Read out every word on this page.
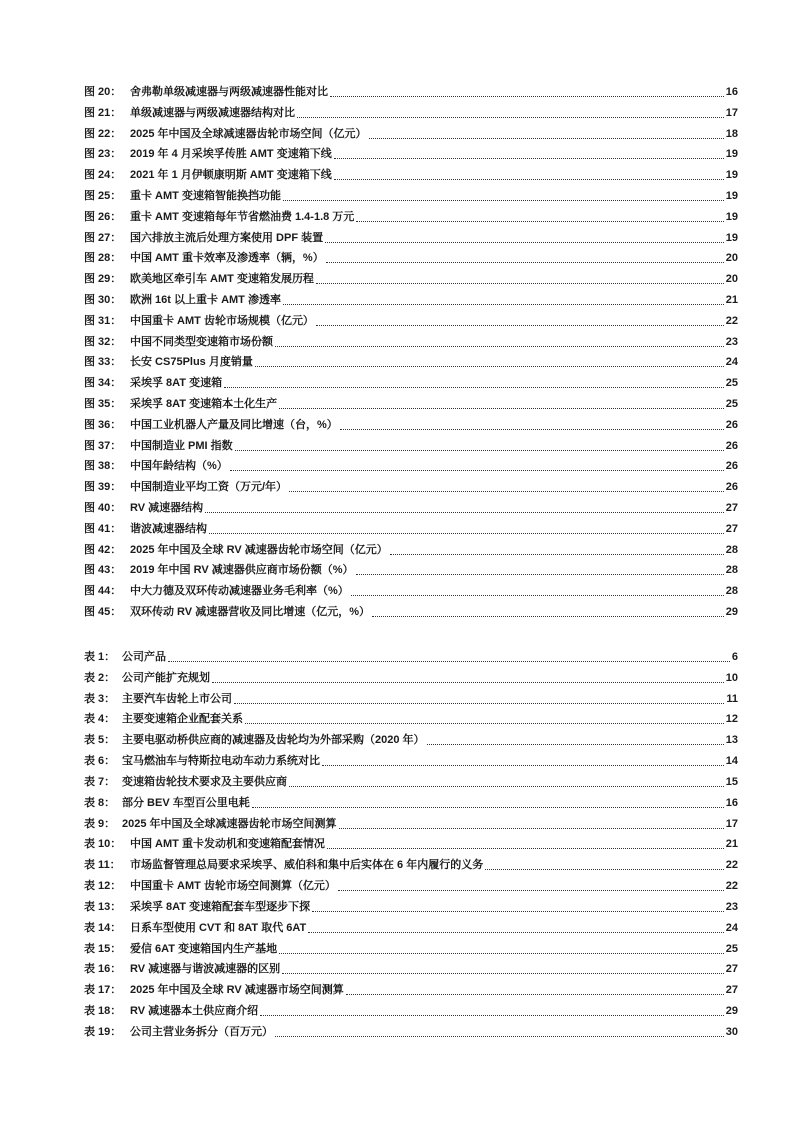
图 20： 舍弗勒单级减速器与两级减速器性能对比	16
图 21： 单级减速器与两级减速器结构对比	17
图 22： 2025 年中国及全球减速器齿轮市场空间（亿元）	18
图 23： 2019 年 4 月采埃孚传胜 AMT 变速箱下线	19
图 24： 2021 年 1 月伊顿康明斯 AMT 变速箱下线	19
图 25： 重卡 AMT 变速箱智能换挡功能	19
图 26： 重卡 AMT 变速箱每年节省燃油费 1.4-1.8 万元	19
图 27： 国六排放主流后处理方案使用 DPF 装置	19
图 28： 中国 AMT 重卡效率及渗透率（辆，%）	20
图 29： 欧美地区牵引车 AMT 变速箱发展历程	20
图 30： 欧洲 16t 以上重卡 AMT 渗透率	21
图 31： 中国重卡 AMT 齿轮市场规模（亿元）	22
图 32： 中国不同类型变速箱市场份额	23
图 33： 长安 CS75Plus 月度销量	24
图 34： 采埃孚 8AT 变速箱	25
图 35： 采埃孚 8AT 变速箱本土化生产	25
图 36： 中国工业机器人产量及同比增速（台，%）	26
图 37： 中国制造业 PMI 指数	26
图 38： 中国年龄结构（%）	26
图 39： 中国制造业平均工资（万元/年）	26
图 40： RV 减速器结构	27
图 41： 谐波减速器结构	27
图 42： 2025 年中国及全球 RV 减速器齿轮市场空间（亿元）	28
图 43： 2019 年中国 RV 减速器供应商市场份额（%）	28
图 44： 中大力德及双环传动减速器业务毛利率（%）	28
图 45： 双环传动 RV 减速器营收及同比增速（亿元，%）	29
表 1： 公司产品	6
表 2： 公司产能扩充规划	10
表 3： 主要汽车齿轮上市公司	11
表 4： 主要变速箱企业配套关系	12
表 5： 主要电驱动桥供应商的减速器及齿轮均为外部采购（2020 年）	13
表 6： 宝马燃油车与特斯拉电动车动力系统对比	14
表 7： 变速箱齿轮技术要求及主要供应商	15
表 8： 部分 BEV 车型百公里电耗	16
表 9： 2025 年中国及全球减速器齿轮市场空间测算	17
表 10： 中国 AMT 重卡发动机和变速箱配套情况	21
表 11： 市场监督管理总局要求采埃孚、威伯科和集中后实体在 6 年内履行的义务	22
表 12： 中国重卡 AMT 齿轮市场空间测算（亿元）	22
表 13： 采埃孚 8AT 变速箱配套车型逐步下探	23
表 14： 日系车型使用 CVT 和 8AT 取代 6AT	24
表 15： 爱信 6AT 变速箱国内生产基地	25
表 16： RV 减速器与谐波减速器的区别	27
表 17： 2025 年中国及全球 RV 减速器市场空间测算	27
表 18： RV 减速器本土供应商介绍	29
表 19： 公司主营业务拆分（百万元）	30
